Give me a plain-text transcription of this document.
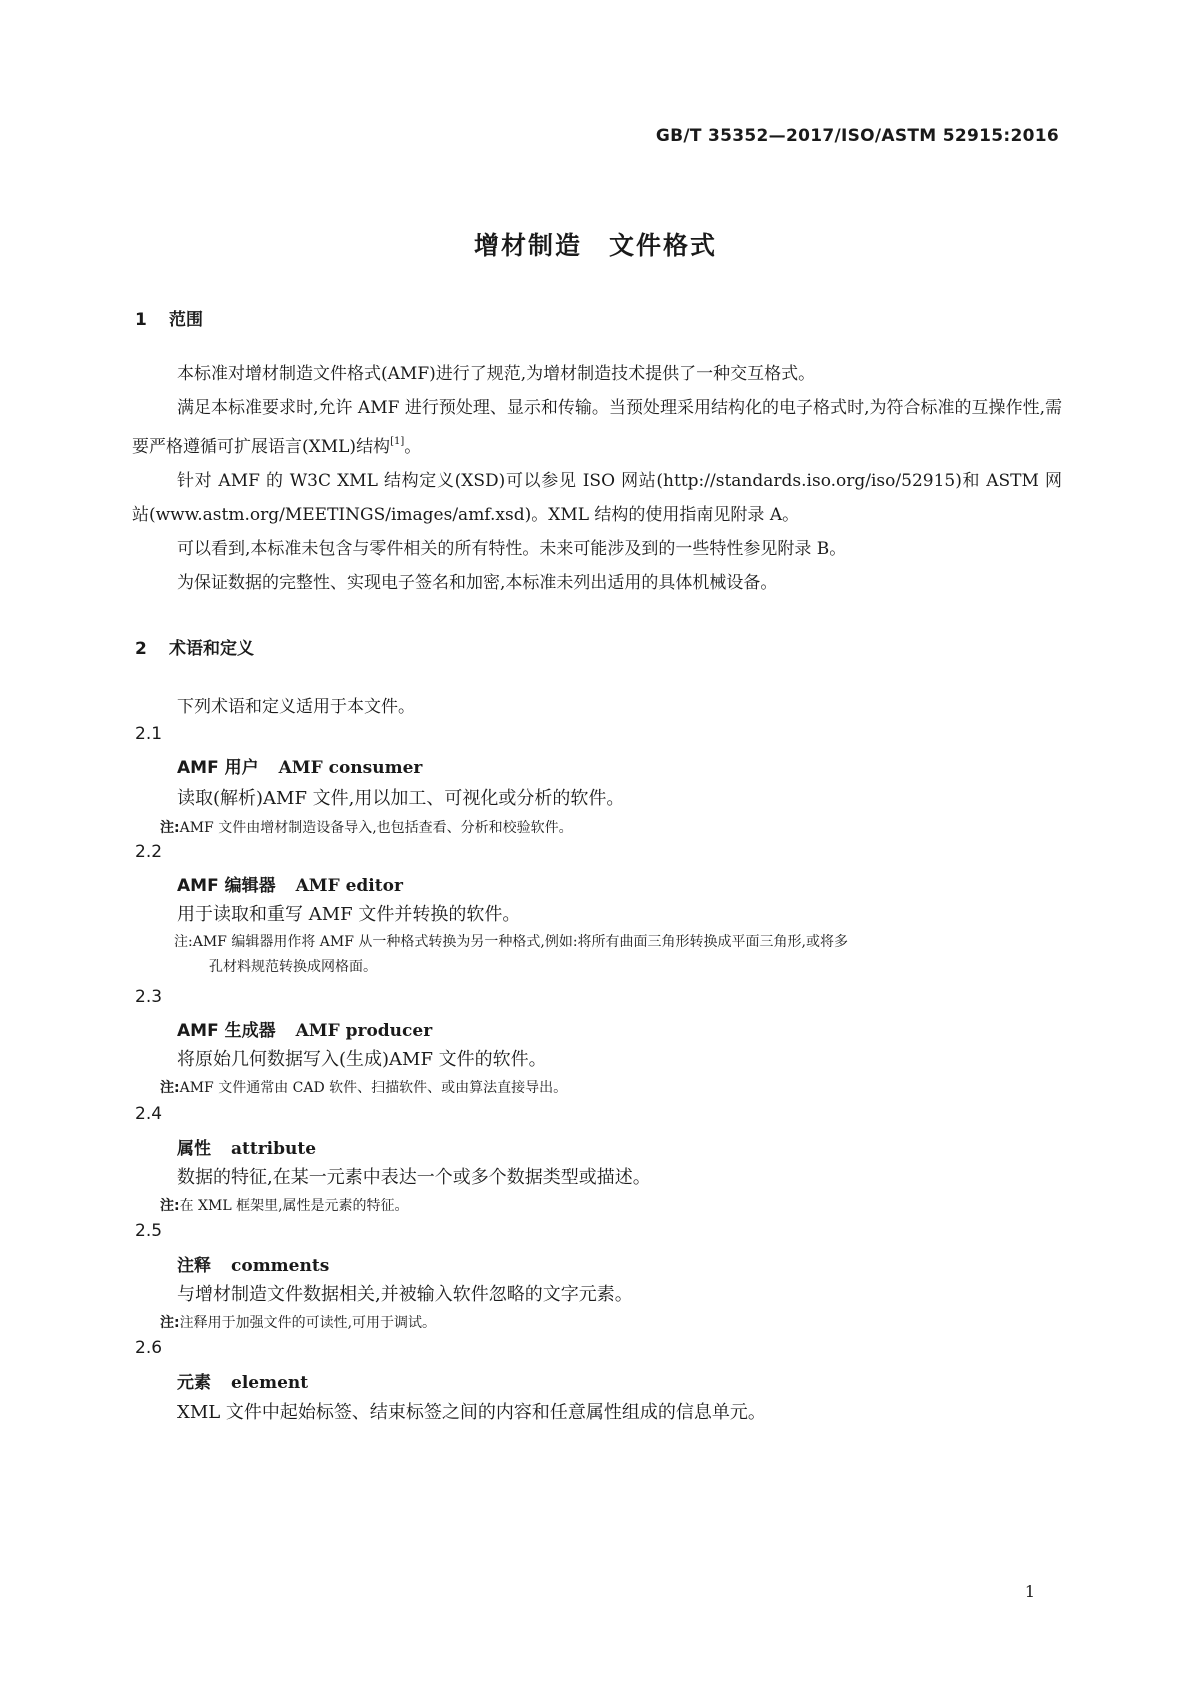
GB/T 35352—2017/ISO/ASTM 52915:2016
增材制造　文件格式
1 范围

本标准对增材制造文件格式(AMF)进行了规范,为增材制造技术提供了一种交互格式。

满足本标准要求时,允许 AMF 进行预处理、显示和传输。当预处理采用结构化的电子格式时,为符合标准的互操作性,需要严格遵循可扩展语言(XML)结构[1]。

针对 AMF 的 W3C XML 结构定义(XSD)可以参见 ISO 网站(http://standards.iso.org/iso/52915)和 ASTM 网站(www.astm.org/MEETINGS/images/amf.xsd)。XML 结构的使用指南见附录 A。

可以看到,本标准未包含与零件相关的所有特性。未来可能涉及到的一些特性参见附录 B。

为保证数据的完整性、实现电子签名和加密,本标准未列出适用的具体机械设备。

2 术语和定义
下列术语和定义适用于本文件。
2.1
AMF 用户 AMF consumer
读取(解析)AMF 文件,用以加工、可视化或分析的软件。
注:AMF 文件由增材制造设备导入,也包括查看、分析和校验软件。
2.2
AMF 编辑器 AMF editor
用于读取和重写 AMF 文件并转换的软件。
注:AMF 编辑器用作将 AMF 从一种格式转换为另一种格式,例如:将所有曲面三角形转换成平面三角形,或将多
孔材料规范转换成网格面。
2.3
AMF 生成器 AMF producer
将原始几何数据写入(生成)AMF 文件的软件。
注:AMF 文件通常由 CAD 软件、扫描软件、或由算法直接导出。
2.4
属性 attribute
数据的特征,在某一元素中表达一个或多个数据类型或描述。
注:在 XML 框架里,属性是元素的特征。
2.5
注释 comments
与增材制造文件数据相关,并被输入软件忽略的文字元素。
注:注释用于加强文件的可读性,可用于调试。
2.6
元素 element
XML 文件中起始标签、结束标签之间的内容和任意属性组成的信息单元。
1
